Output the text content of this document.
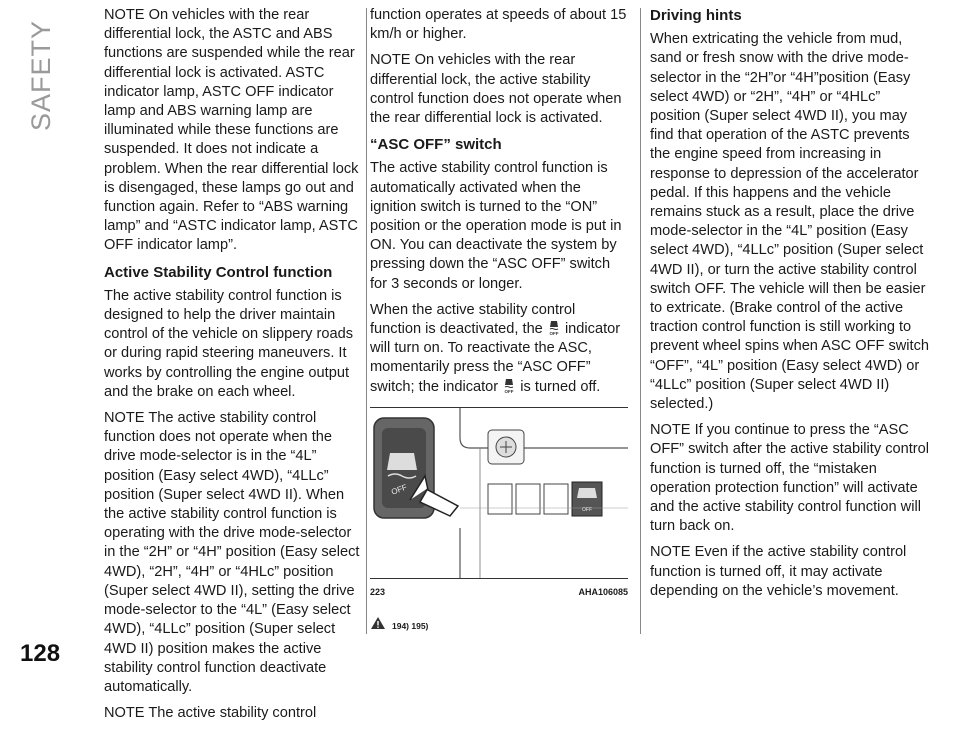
SAFETY
128

NOTE On vehicles with the rear differential lock, the ASTC and ABS functions are suspended while the rear differential lock is activated. ASTC indicator lamp, ASTC OFF indicator lamp and ABS warning lamp are illuminated while these functions are suspended. It does not indicate a problem. When the rear differential lock is disengaged, these lamps go out and function again. Refer to “ABS warning lamp” and “ASTC indicator lamp, ASTC OFF indicator lamp”.

Active Stability Control function

The active stability control function is designed to help the driver maintain control of the vehicle on slippery roads or during rapid steering maneuvers. It works by controlling the engine output and the brake on each wheel.

NOTE The active stability control function does not operate when the drive mode-selector is in the “4L” position (Easy select 4WD), “4LLc” position (Super select 4WD II). When the active stability control function is operating with the drive mode-selector in the “2H” or “4H” position (Easy select 4WD), “2H”, “4H” or “4HLc” position (Super select 4WD II), setting the drive mode-selector to the “4L” (Easy select 4WD), “4LLc” position (Super select 4WD II) position makes the active stability control function deactivate automatically.

NOTE The active stability control

function operates at speeds of about 15 km/h or higher.

NOTE On vehicles with the rear differential lock, the active stability control function does not operate when the rear differential lock is activated.

“ASC OFF” switch

The active stability control function is automatically activated when the ignition switch is turned to the “ON” position or the operation mode is put in ON. You can deactivate the system by pressing down the “ASC OFF” switch for 3 seconds or longer.

When the active stability control function is deactivated, the OFF indicator will turn on. To reactivate the ASC, momentarily press the “ASC OFF” switch; the indicator OFF is turned off.

OFF
OFF
223	AHA106085
194) 195)
Driving hints

When extricating the vehicle from mud, sand or fresh snow with the drive mode-selector in the “2H”or “4H”position (Easy select 4WD) or “2H”, “4H” or “4HLc” position (Super select 4WD II), you may find that operation of the ASTC prevents the engine speed from increasing in response to depression of the accelerator pedal. If this happens and the vehicle remains stuck as a result, place the drive mode-selector in the “4L” position (Easy select 4WD), “4LLc” position (Super select 4WD II), or turn the active stability control switch OFF. The vehicle will then be easier to extricate. (Brake control of the active traction control function is still working to prevent wheel spins when ASC OFF switch “OFF”, “4L” position (Easy select 4WD) or “4LLc” position (Super select 4WD II) selected.)

NOTE If you continue to press the “ASC OFF” switch after the active stability control function is turned off, the “mistaken operation protection function” will activate and the active stability control function will turn back on.

NOTE Even if the active stability control function is turned off, it may activate depending on the vehicle’s movement.
